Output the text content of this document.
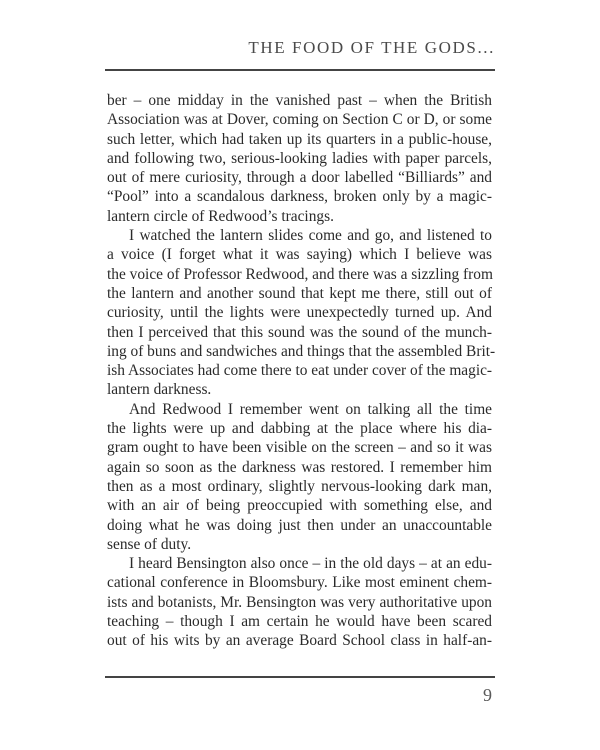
THE FOOD OF THE GODS...
ber – one midday in the vanished past – when the British
Association was at Dover, coming on Section C or D, or some
such letter, which had taken up its quarters in a public-house,
and following two, serious-looking ladies with paper parcels,
out of mere curiosity, through a door labelled “Billiards” and
“Pool” into a scandalous darkness, broken only by a magic-
lantern circle of Redwood’s tracings.
I watched the lantern slides come and go, and listened to
a voice (I forget what it was saying) which I believe was
the voice of Professor Redwood, and there was a sizzling from
the lantern and another sound that kept me there, still out of
curiosity, until the lights were unexpectedly turned up. And
then I perceived that this sound was the sound of the munch-
ing of buns and sandwiches and things that the assembled Brit-
ish Associates had come there to eat under cover of the magic-
lantern darkness.
And Redwood I remember went on talking all the time
the lights were up and dabbing at the place where his dia-
gram ought to have been visible on the screen – and so it was
again so soon as the darkness was restored. I remember him
then as a most ordinary, slightly nervous-looking dark man,
with an air of being preoccupied with something else, and
doing what he was doing just then under an unaccountable
sense of duty.
I heard Bensington also once – in the old days – at an edu-
cational conference in Bloomsbury. Like most eminent chem-
ists and botanists, Mr. Bensington was very authoritative upon
teaching – though I am certain he would have been scared
out of his wits by an average Board School class in half-an-
9
